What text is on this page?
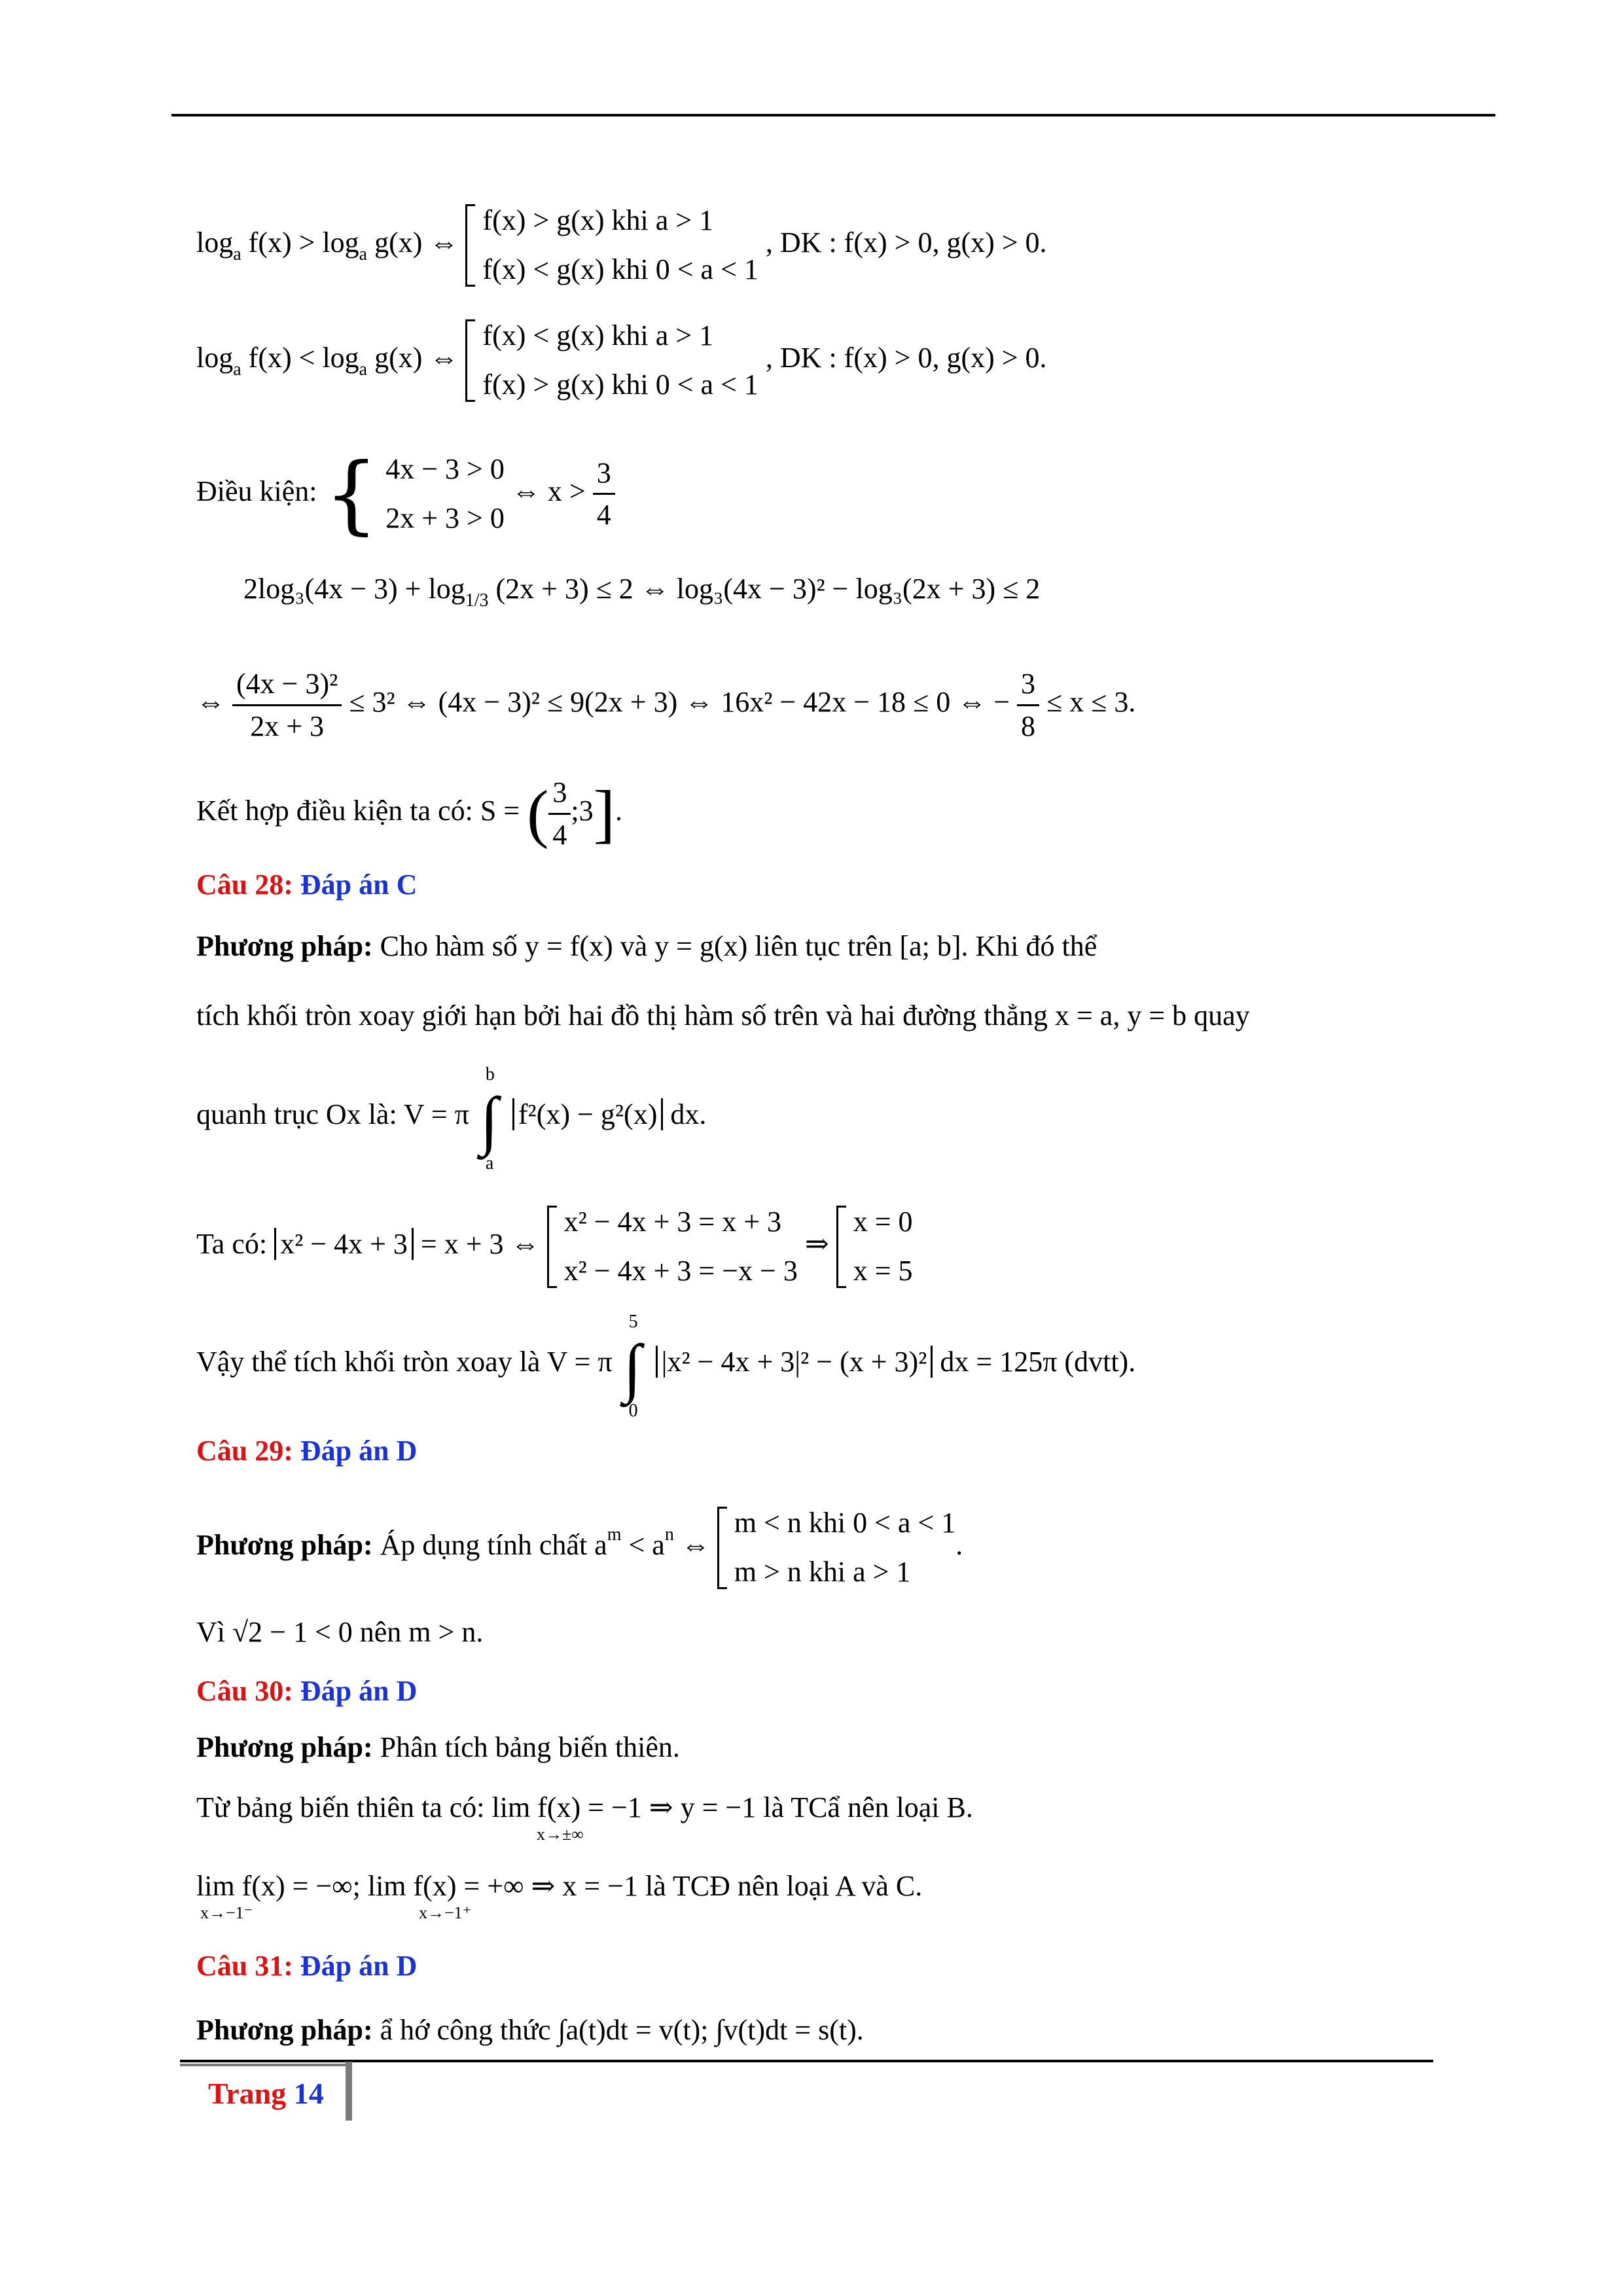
$\log_a f(x) > \log_a g(x)$ ⇔  f(x) > g(x) khi a > 1
f(x) < g(x) khi 0 < a < 1 , DK : f(x) > 0, g(x) > 0.
$\log_a f(x) < \log_a g(x)$ ⇔  f(x) < g(x) khi a > 1
f(x) > g(x) khi 0 < a < 1 , DK : f(x) > 0, g(x) > 0.
Điều kiện: { 4x − 3 > 0
2x + 3 > 0 ⇔ $x > \frac{3}{4}$
$2\log_3(4x - 3) + \log_{1/3} (2x + 3) \le 2$ ⇔ log₃(4x − 3)² − log₃(2x + 3) ≤ 2
⇔ $\frac{\text{(4x − 3)²}}{2x + 3} \le 3^2$ ⇔ (4x − 3)² ≤ 9(2x + 3) ⇔ 16x² − 42x − 18 ≤ 0 ⇔ − $\frac{3}{8} \le x \le 3$.
Kết hợp điều kiện ta có: S = ( $\frac{3}{4}$ ;3].
Câu 28: Đáp án C
Phương pháp: Cho hàm số y = f(x) và y = g(x) liên tục trên [a; b]. Khi đó thể
tích khối tròn xoay giới hạn bởi hai đồ thị hàm số trên và hai đường thẳng x = a, y = b quay
quanh trục Ox là: V = π
b
∫
a
f²(x) − g²(x) dx.
Ta có: x² − 4x + 3 = x + 3 ⇔  x² − 4x + 3 = x + 3
x² − 4x + 3 = −x − 3 ⇒  x = 0
x = 5
Vậy thể tích khối tròn xoay là V = π
5
∫
0
|x² − 4x + 3|² − (x + 3)² dx = 125π (dvtt).
Câu 29: Đáp án D
Phương pháp: Áp dụng tính chất $a^m < a^n$ ⇔  m < n khi 0 < a < 1
m > n khi a > 1.
Vì √2 − 1 < 0 nên m > n.
Câu 30: Đáp án D
Phương pháp: Phân tích bảng biến thiên.
Từ bảng biến thiên ta có: lim f(x) = −1 ⇒ y = −1 là TCẩ nên loại B.
x→±∞
lim f(x) = −∞; lim f(x) = +∞ ⇒ x = −1 là TCĐ nên loại A và C.
x→−1⁻	x→−1⁺
Câu 31: Đáp án D
Phương pháp: ẩ hớ công thức ∫a(t)dt = v(t); ∫v(t)dt = s(t).
Trang 14
